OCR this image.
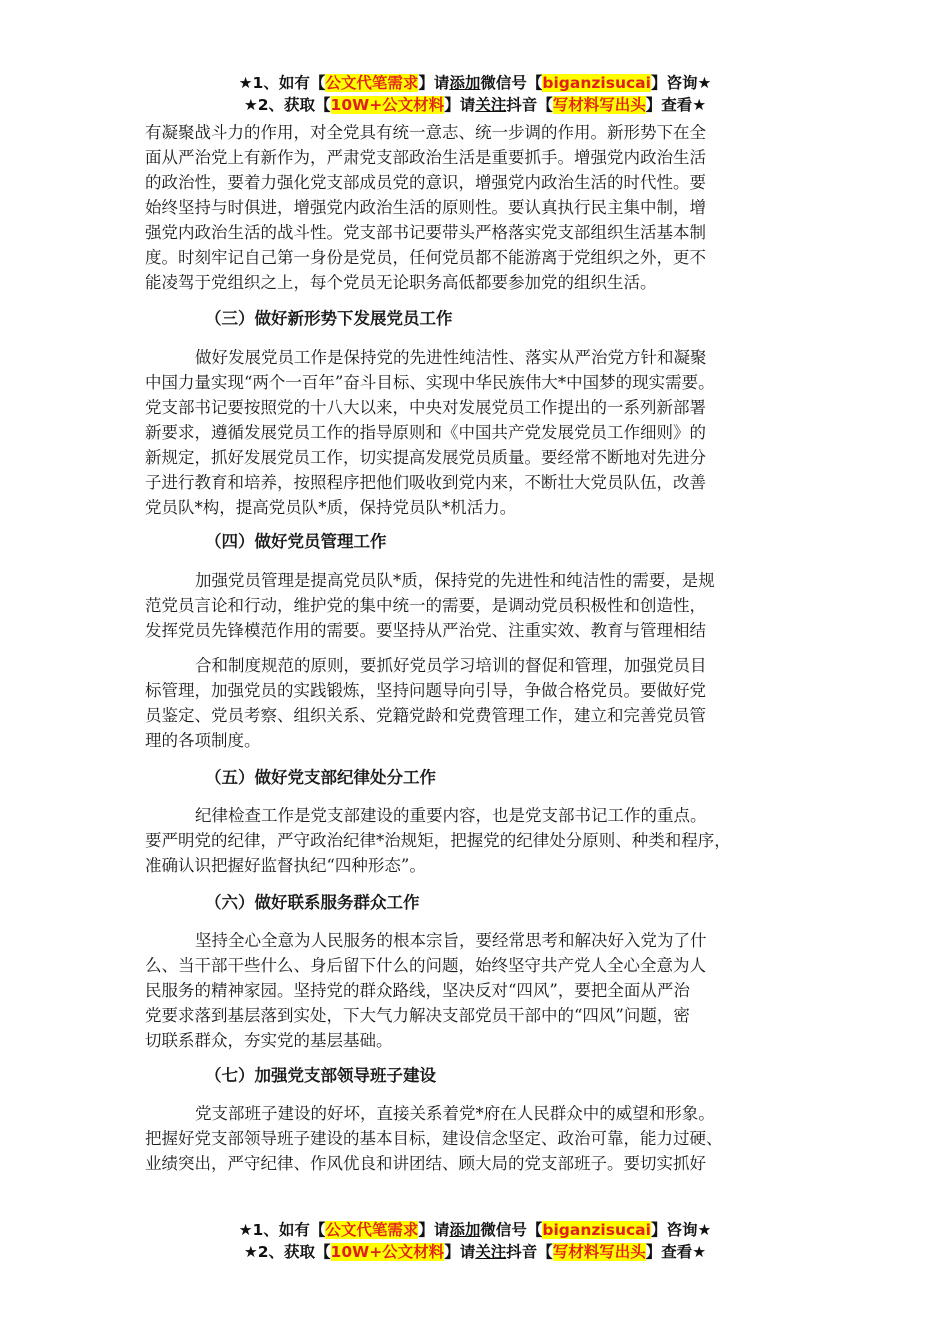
★1、如有【公文代笔需求】请添加微信号【biganzisucai】咨询★
★2、获取【10W+公文材料】请关注抖音【写材料写出头】查看★
有凝聚战斗力的作用，对全党具有统一意志、统一步调的作用。新形势下在全
面从严治党上有新作为，严肃党支部政治生活是重要抓手。增强党内政治生活
的政治性，要着力强化党支部成员党的意识，增强党内政治生活的时代性。要
始终坚持与时俱进，增强党内政治生活的原则性。要认真执行民主集中制，增
强党内政治生活的战斗性。党支部书记要带头严格落实党支部组织生活基本制
度。时刻牢记自己第一身份是党员，任何党员都不能游离于党组织之外，更不
能凌驾于党组织之上，每个党员无论职务高低都要参加党的组织生活。
（三）做好新形势下发展党员工作
做好发展党员工作是保持党的先进性纯洁性、落实从严治党方针和凝聚
中国力量实现“两个一百年”奋斗目标、实现中华民族伟大*中国梦的现实需要。
党支部书记要按照党的十八大以来，中央对发展党员工作提出的一系列新部署
新要求，遵循发展党员工作的指导原则和《中国共产党发展党员工作细则》的
新规定，抓好发展党员工作，切实提高发展党员质量。要经常不断地对先进分
子进行教育和培养，按照程序把他们吸收到党内来，不断壮大党员队伍，改善
党员队*构，提高党员队*质，保持党员队*机活力。
（四）做好党员管理工作
加强党员管理是提高党员队*质，保持党的先进性和纯洁性的需要，是规
范党员言论和行动，维护党的集中统一的需要，是调动党员积极性和创造性，
发挥党员先锋模范作用的需要。要坚持从严治党、注重实效、教育与管理相结
合和制度规范的原则，要抓好党员学习培训的督促和管理，加强党员目
标管理，加强党员的实践锻炼，坚持问题导向引导，争做合格党员。要做好党
员鉴定、党员考察、组织关系、党籍党龄和党费管理工作，建立和完善党员管
理的各项制度。
（五）做好党支部纪律处分工作
纪律检查工作是党支部建设的重要内容，也是党支部书记工作的重点。
要严明党的纪律，严守政治纪律*治规矩，把握党的纪律处分原则、种类和程序，
准确认识把握好监督执纪“四种形态”。
（六）做好联系服务群众工作
坚持全心全意为人民服务的根本宗旨，要经常思考和解决好入党为了什
么、当干部干些什么、身后留下什么的问题，始终坚守共产党人全心全意为人
民服务的精神家园。坚持党的群众路线，坚决反对“四风”，要把全面从严治
党要求落到基层落到实处，下大气力解决支部党员干部中的“四风”问题，密
切联系群众，夯实党的基层基础。
（七）加强党支部领导班子建设
党支部班子建设的好坏，直接关系着党*府在人民群众中的威望和形象。
把握好党支部领导班子建设的基本目标，建设信念坚定、政治可靠，能力过硬、
业绩突出，严守纪律、作风优良和讲团结、顾大局的党支部班子。要切实抓好
★1、如有【公文代笔需求】请添加微信号【biganzisucai】咨询★
★2、获取【10W+公文材料】请关注抖音【写材料写出头】查看★
